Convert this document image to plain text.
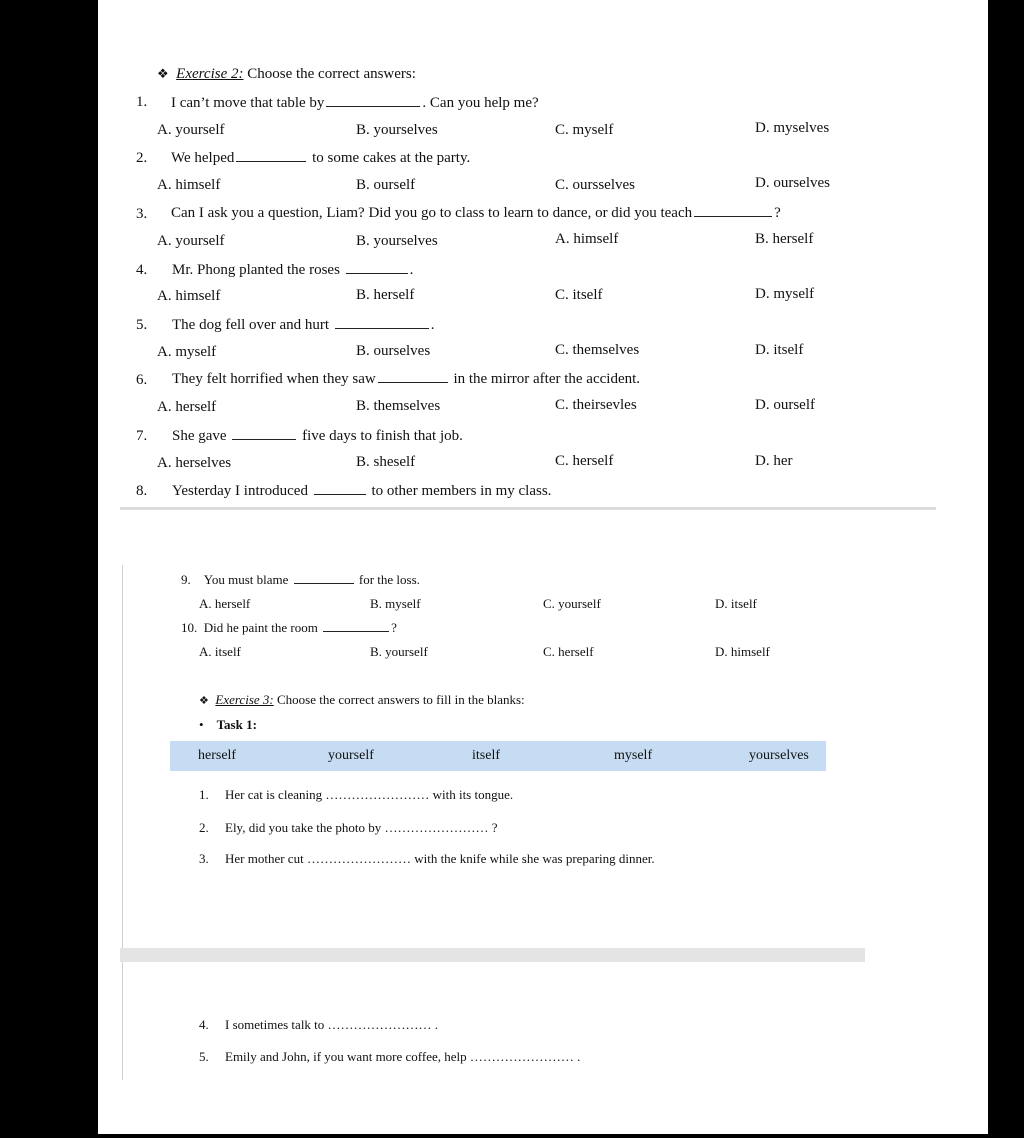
❖ Exercise 2: Choose the correct answers:
1. I can’t move that table by	. Can you help me?
A. yourself	B. yourselves	C. myself	D. myselves
2. We helped	to some cakes at the party.
A. himself	B. ourself	C. oursselves	D. ourselves
3. Can I ask you a question, Liam? Did you go to class to learn to dance, or did you teach	?
A. yourself	B. yourselves	A. himself	B. herself
4. Mr. Phong planted the roses	.
A. himself	B. herself	C. itself	D. myself
5. The dog fell over and hurt	.
A. myself	B. ourselves	C. themselves	D. itself
6. They felt horrified when they saw	in the mirror after the accident.
A. herself	B. themselves	C. theirsevles	D. ourself
7. She gave	five days to finish that job.
A. herselves	B. sheself	C. herself	D. her
8. Yesterday I introduced	to other members in my class.
9. You must blame	for the loss.
A. herself	B. myself	C. yourself	D. itself
10. Did he paint the room	?
A. itself	B. yourself	C. herself	D. himself
❖ Exercise 3: Choose the correct answers to fill in the blanks:
• Task 1:
herself	yourself	itself	myself	yourselves
1. Her cat is cleaning …………………… with its tongue.
2. Ely, did you take the photo by …………………… ?
3. Her mother cut …………………… with the knife while she was preparing dinner.
4. I sometimes talk to …………………… .
5. Emily and John, if you want more coffee, help …………………… .
